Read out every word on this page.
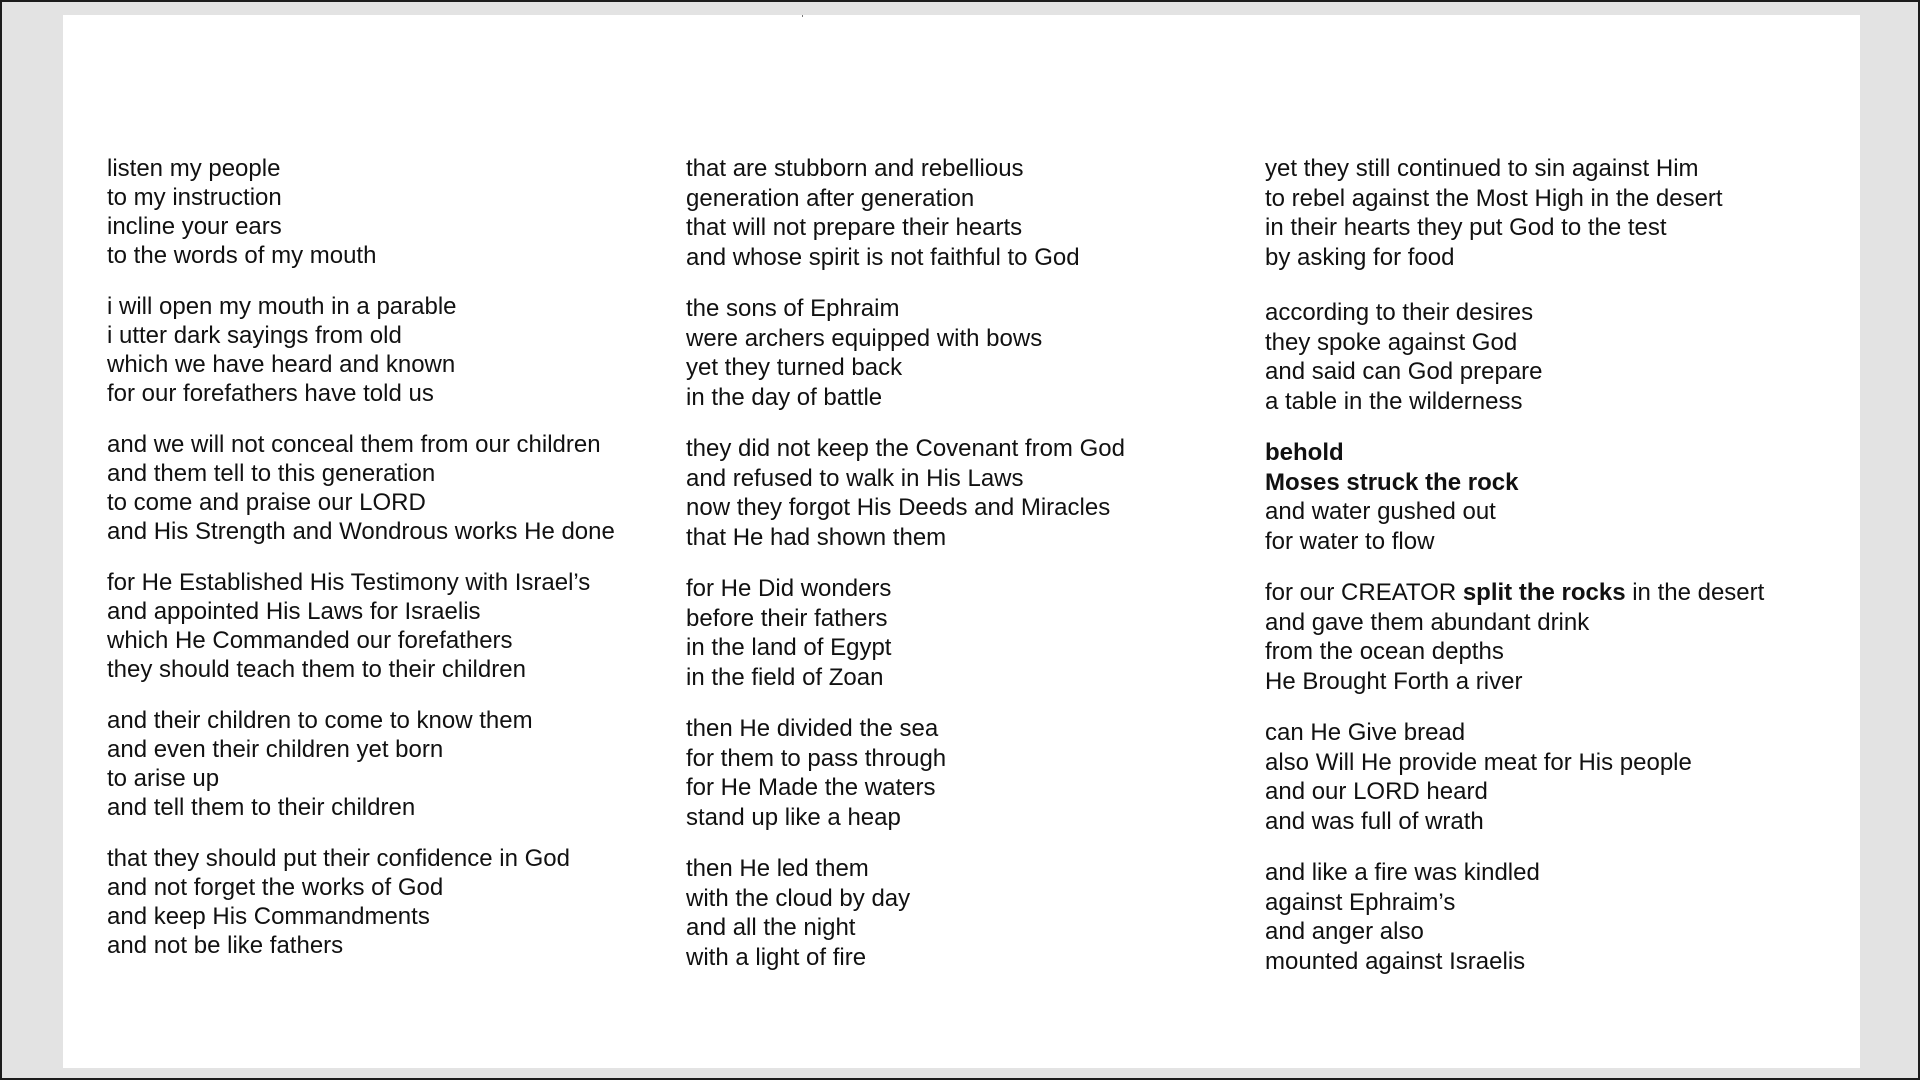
listen my people
to my instruction
incline your ears
to the words of my mouth
i will open my mouth in a parable
i utter dark sayings from old
which we have heard and known
for our forefathers have told us
and we will not conceal them from our children
and them tell to this generation
to come and praise our LORD
and His Strength and Wondrous works He done
for He Established His Testimony with Israel’s
and appointed His Laws for Israelis
which He Commanded our forefathers
they should teach them to their children
and their children to come to know them
and even their children yet born
to arise up
and tell them to their children
that they should put their confidence in God
and not forget the works of God
and keep His Commandments
and not be like fathers
that are stubborn and rebellious
generation after generation
that will not prepare their hearts
and whose spirit is not faithful to God
the sons of Ephraim
were archers equipped with bows
yet they turned back
in the day of battle
they did not keep the Covenant from God
and refused to walk in His Laws
now they forgot His Deeds and Miracles
that He had shown them
for He Did wonders
before their fathers
in the land of Egypt
in the field of Zoan
then He divided the sea
for them to pass through
for He Made the waters
stand up like a heap
then He led them
with the cloud by day
and all the night
with a light of fire
yet they still continued to sin against Him
to rebel against the Most High in the desert
in their hearts they put God to the test
by asking for food
according to their desires
they spoke against God
and said can God prepare
a table in the wilderness
behold
Moses struck the rock
and water gushed out
for water to flow
for our CREATOR split the rocks in the desert
and gave them abundant drink
from the ocean depths
He Brought Forth a river
can He Give bread
also Will He provide meat for His people
and our LORD heard
and was full of wrath
and like a fire was kindled
against Ephraim’s
and anger also
mounted against Israelis
